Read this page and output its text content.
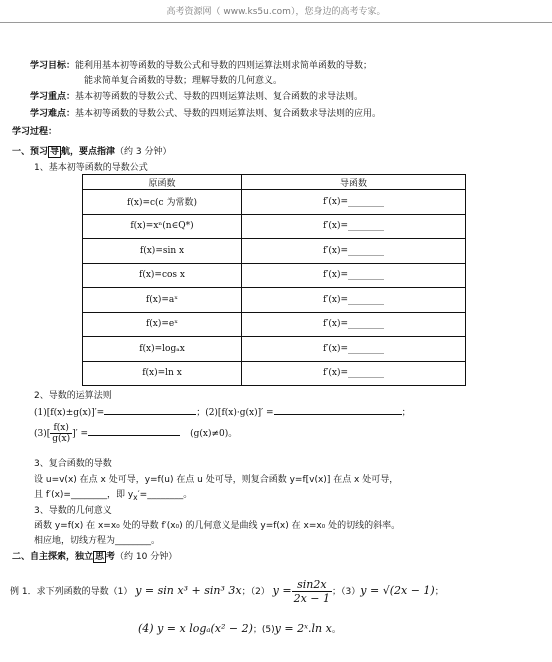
高考资源网（ www.ks5u.com），您身边的高考专家。
学习目标：能利用基本初等函数的导数公式和导数的四则运算法则求简单函数的导数；
能求简单复合函数的导数；理解导数的几何意义。
学习重点：基本初等函数的导数公式、导数的四则运算法则、复合函数的求导法则。
学习难点：基本初等函数的导数公式、导数的四则运算法则、复合函数求导法则的应用。
学习过程：
一、预习 导 航，要点指津（约 3 分钟）
1、基本初等函数的导数公式
原函数	导函数
f(x)=c(c 为常数)	f′(x)=________
f(x)=xⁿ(n∈Q*)	f′(x)=________
f(x)=sin x	f′(x)=________
f(x)=cos x	f′(x)=________
f(x)=aˣ	f′(x)=________
f(x)=eˣ	f′(x)=________
f(x)=logₐx	f′(x)=________
f(x)=ln x	f′(x)=________
2、导数的运算法则
(1)[f(x)±g(x)]′=	；(2)[f(x)·g(x)]′ =	；
$(3)[ \frac{f(x)}{g(x)}$ ]′ =	(g(x)≠0)。
3、复合函数的导数
设 u=v(x) 在点 x 处可导，y=f(u) 在点 u 处可导，则复合函数 y=f[v(x)] 在点 x 处可导，
且 f′(x)=________，即 $y_x'=\_\_\_\_\_\_\_\_$。
3、导数的几何意义
函数 y=f(x) 在 x=x₀ 处的导数 f′(x₀) 的几何意义是曲线 y=f(x) 在 x=x₀ 处的切线的斜率。
相应地，切线方程为________。
二、自主探索，独立 思 考（约 10 分钟）
例 1．求下列函数的导数（1） y = sin x³ + sin³ 3x；（2） $y = \frac{\sin 2x}{2x - 1}$ ；（3）y = √(2x − 1)；
(4) y = x logₐ(x² − 2)；(5)y = 2ˣ.ln x。
